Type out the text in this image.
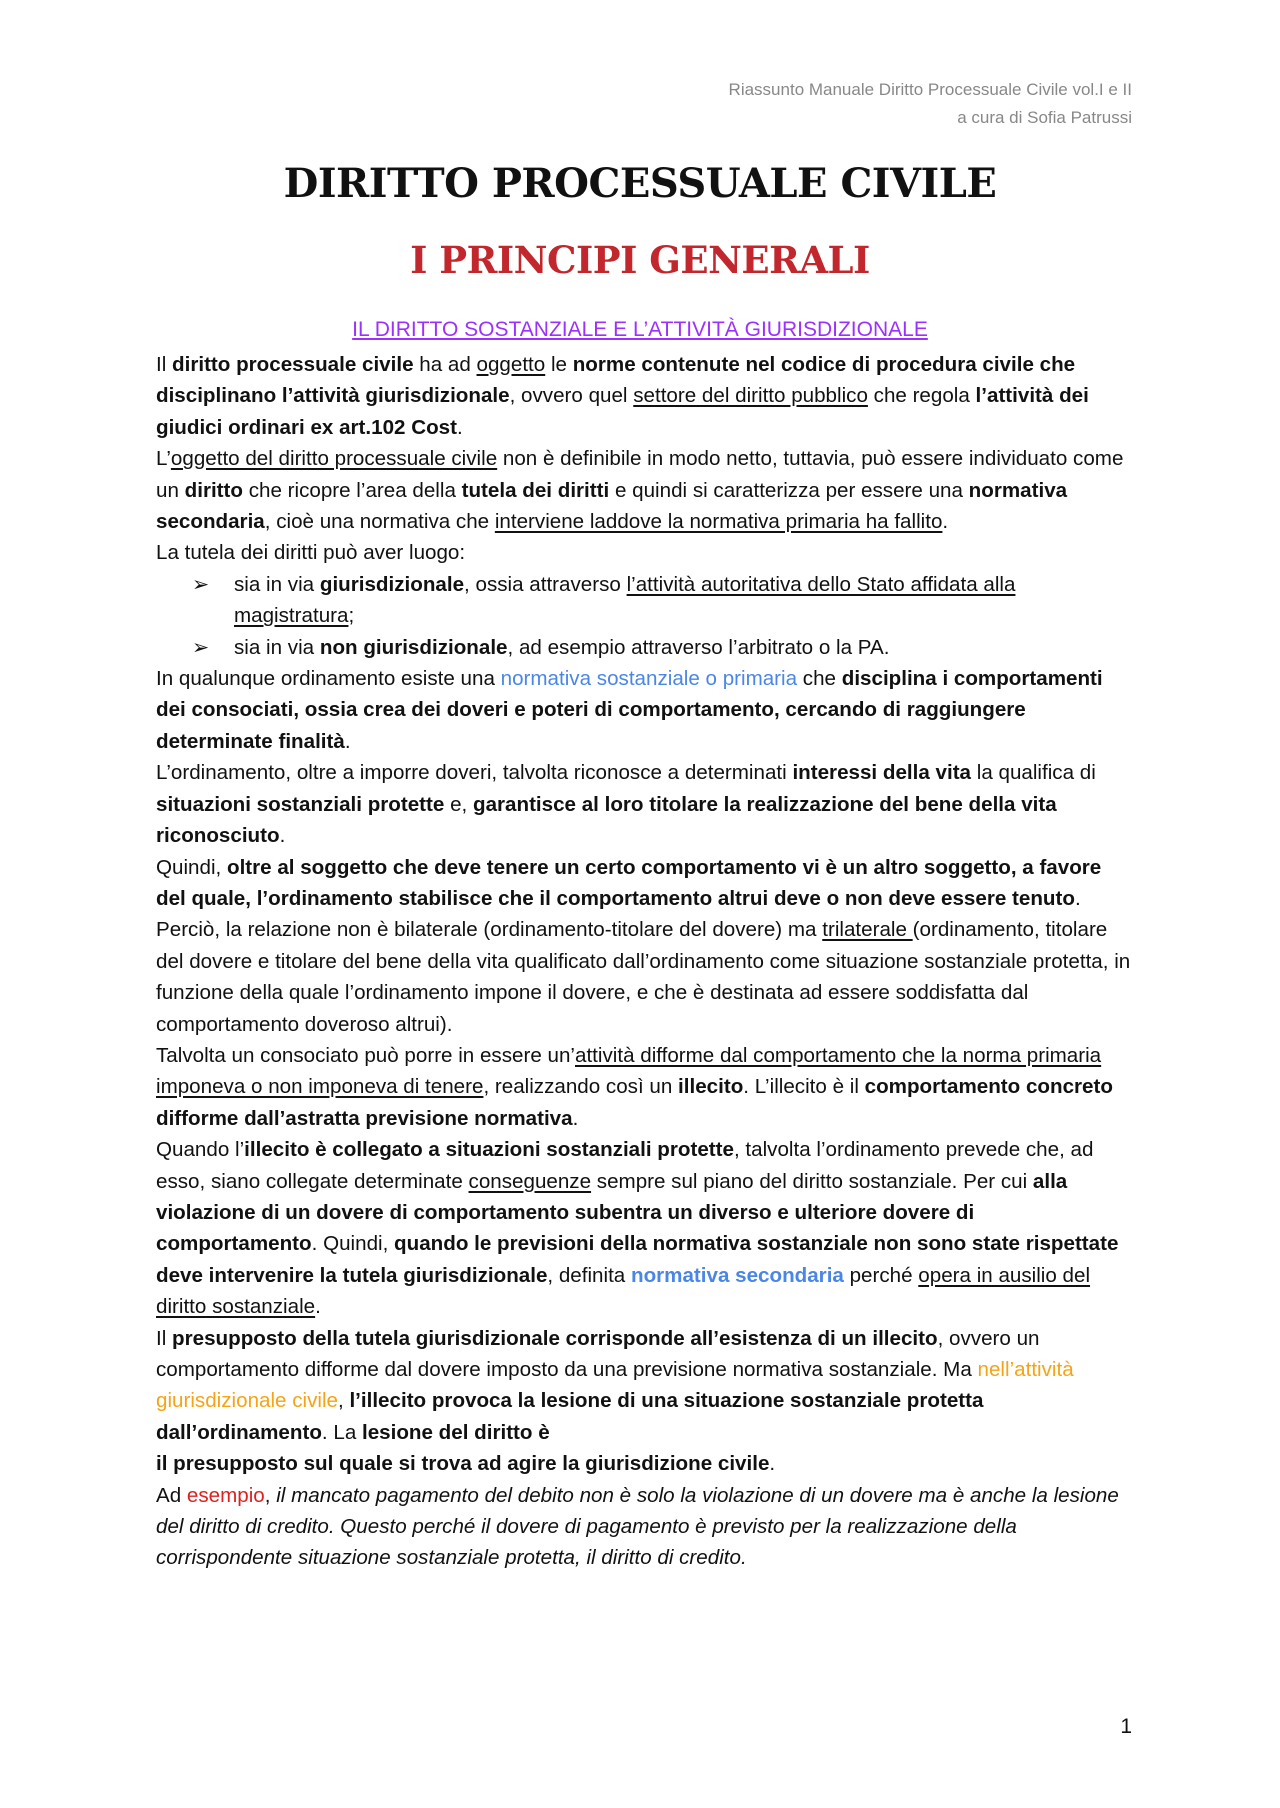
Riassunto Manuale Diritto Processuale Civile vol.I e II
a cura di Sofia Patrussi
DIRITTO PROCESSUALE CIVILE
I PRINCIPI GENERALI
IL DIRITTO SOSTANZIALE E L’ATTIVITÀ GIURISDIZIONALE

Il diritto processuale civile ha ad oggetto le norme contenute nel codice di procedura civile che disciplinano l’attività giurisdizionale, ovvero quel settore del diritto pubblico che regola l’attività dei giudici ordinari ex art.102 Cost.

L’oggetto del diritto processuale civile non è definibile in modo netto, tuttavia, può essere individuato come un diritto che ricopre l’area della tutela dei diritti e quindi si caratterizza per essere una normativa secondaria, cioè una normativa che interviene laddove la normativa primaria ha fallito.

La tutela dei diritti può aver luogo:

➢ sia in via giurisdizionale, ossia attraverso l’attività autoritativa dello Stato affidata alla magistratura;
➢ sia in via non giurisdizionale, ad esempio attraverso l’arbitrato o la PA.

In qualunque ordinamento esiste una normativa sostanziale o primaria che disciplina i comportamenti dei consociati, ossia crea dei doveri e poteri di comportamento, cercando di raggiungere determinate finalità.

L’ordinamento, oltre a imporre doveri, talvolta riconosce a determinati interessi della vita la qualifica di situazioni sostanziali protette e, garantisce al loro titolare la realizzazione del bene della vita riconosciuto.

Quindi, oltre al soggetto che deve tenere un certo comportamento vi è un altro soggetto, a favore del quale, l’ordinamento stabilisce che il comportamento altrui deve o non deve essere tenuto. Perciò, la relazione non è bilaterale (ordinamento-titolare del dovere) ma trilaterale (ordinamento, titolare del dovere e titolare del bene della vita qualificato dall’ordinamento come situazione sostanziale protetta, in funzione della quale l’ordinamento impone il dovere, e che è destinata ad essere soddisfatta dal comportamento doveroso altrui).

Talvolta un consociato può porre in essere un’attività difforme dal comportamento che la norma primaria imponeva o non imponeva di tenere, realizzando così un illecito. L’illecito è il comportamento concreto difforme dall’astratta previsione normativa.

Quando l’illecito è collegato a situazioni sostanziali protette, talvolta l’ordinamento prevede che, ad esso, siano collegate determinate conseguenze sempre sul piano del diritto sostanziale. Per cui alla violazione di un dovere di comportamento subentra un diverso e ulteriore dovere di comportamento. Quindi, quando le previsioni della normativa sostanziale non sono state rispettate deve intervenire la tutela giurisdizionale, definita normativa secondaria perché opera in ausilio del diritto sostanziale.

Il presupposto della tutela giurisdizionale corrisponde all’esistenza di un illecito, ovvero un comportamento difforme dal dovere imposto da una previsione normativa sostanziale. Ma nell’attività giurisdizionale civile, l’illecito provoca la lesione di una situazione sostanziale protetta dall’ordinamento. La lesione del diritto è
il presupposto sul quale si trova ad agire la giurisdizione civile.

Ad esempio, il mancato pagamento del debito non è solo la violazione di un dovere ma è anche la lesione del diritto di credito. Questo perché il dovere di pagamento è previsto per la realizzazione della corrispondente situazione sostanziale protetta, il diritto di credito.

1
